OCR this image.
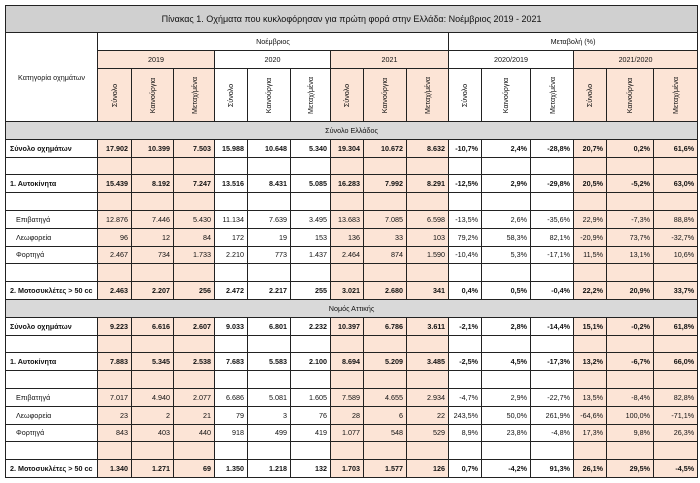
Πίνακας 1. Οχήματα που κυκλοφόρησαν για πρώτη φορά στην Ελλάδα: Νοέμβριος 2019 - 2021															
Κατηγορία οχημάτων	Νοέμβριος									Μεταβολή (%)					
	2019			2020			2021			2020/2019			2021/2020		
	Σύνολο	Καινούργια	Μεταχ/μένα	Σύνολο	Καινούργια	Μεταχ/μένα	Σύνολο	Καινούργια	Μεταχ/μένα	Σύνολο	Καινούργια	Μεταχ/μένα	Σύνολο	Καινούργια	Μεταχ/μένα
Σύνολο Ελλάδος															
Σύνολο οχημάτων	17.902	10.399	7.503	15.988	10.648	5.340	19.304	10.672	8.632	-10,7%	2,4%	-28,8%	20,7%	0,2%	61,6%

1. Αυτοκίνητα	15.439	8.192	7.247	13.516	8.431	5.085	16.283	7.992	8.291	-12,5%	2,9%	-29,8%	20,5%	-5,2%	63,0%

Επιβατηγά	12.876	7.446	5.430	11.134	7.639	3.495	13.683	7.085	6.598	-13,5%	2,6%	-35,6%	22,9%	-7,3%	88,8%
Λεωφορεία	96	12	84	172	19	153	136	33	103	79,2%	58,3%	82,1%	-20,9%	73,7%	-32,7%
Φορτηγά	2.467	734	1.733	2.210	773	1.437	2.464	874	1.590	-10,4%	5,3%	-17,1%	11,5%	13,1%	10,6%

2. Μοτοσυκλέτες > 50 cc	2.463	2.207	256	2.472	2.217	255	3.021	2.680	341	0,4%	0,5%	-0,4%	22,2%	20,9%	33,7%
Νομός Αττικής															
Σύνολο οχημάτων	9.223	6.616	2.607	9.033	6.801	2.232	10.397	6.786	3.611	-2,1%	2,8%	-14,4%	15,1%	-0,2%	61,8%

1. Αυτοκίνητα	7.883	5.345	2.538	7.683	5.583	2.100	8.694	5.209	3.485	-2,5%	4,5%	-17,3%	13,2%	-6,7%	66,0%

Επιβατηγά	7.017	4.940	2.077	6.686	5.081	1.605	7.589	4.655	2.934	-4,7%	2,9%	-22,7%	13,5%	-8,4%	82,8%
Λεωφορεία	23	2	21	79	3	76	28	6	22	243,5%	50,0%	261,9%	-64,6%	100,0%	-71,1%
Φορτηγά	843	403	440	918	499	419	1.077	548	529	8,9%	23,8%	-4,8%	17,3%	9,8%	26,3%

2. Μοτοσυκλέτες > 50 cc	1.340	1.271	69	1.350	1.218	132	1.703	1.577	126	0,7%	-4,2%	91,3%	26,1%	29,5%	-4,5%
